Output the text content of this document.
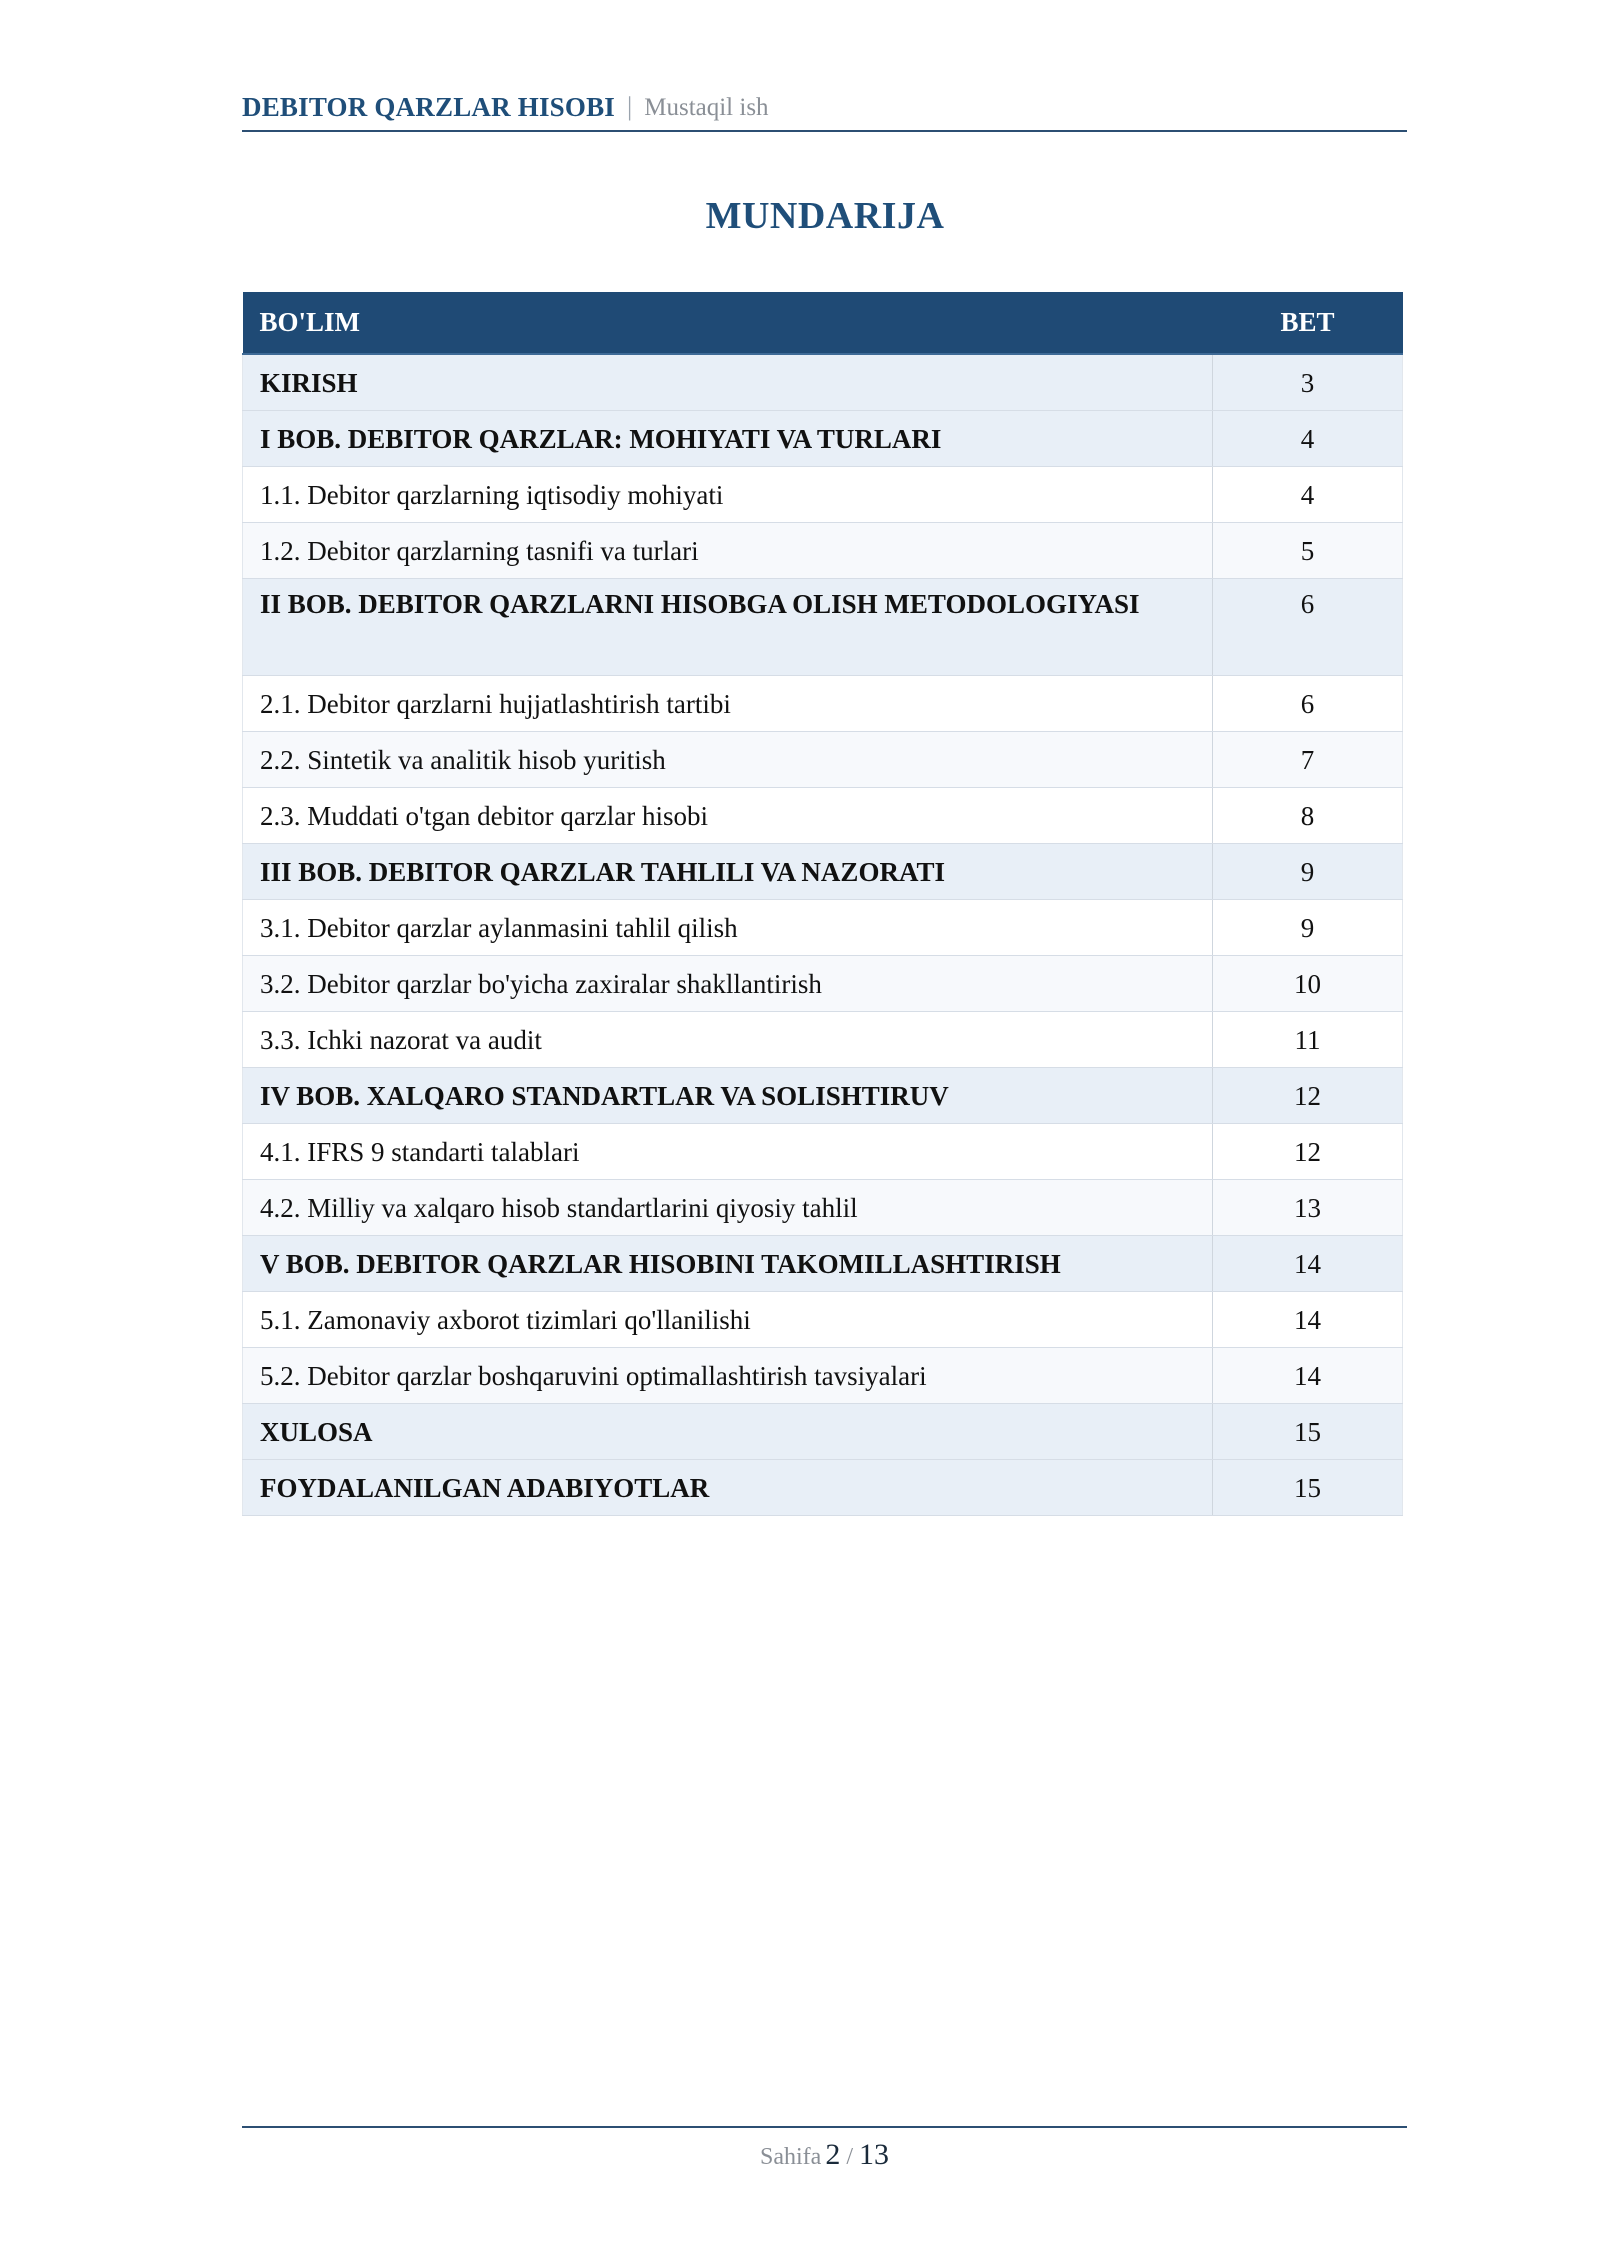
DEBITOR QARZLAR HISOBI | Mustaqil ish
MUNDARIJA
BO'LIM	BET
KIRISH	3
I BOB. DEBITOR QARZLAR: MOHIYATI VA TURLARI	4
1.1. Debitor qarzlarning iqtisodiy mohiyati	4
1.2. Debitor qarzlarning tasnifi va turlari	5
II BOB. DEBITOR QARZLARNI HISOBGA OLISH METODOLOGIYASI	6
2.1. Debitor qarzlarni hujjatlashtirish tartibi	6
2.2. Sintetik va analitik hisob yuritish	7
2.3. Muddati o'tgan debitor qarzlar hisobi	8
III BOB. DEBITOR QARZLAR TAHLILI VA NAZORATI	9
3.1. Debitor qarzlar aylanmasini tahlil qilish	9
3.2. Debitor qarzlar bo'yicha zaxiralar shakllantirish	10
3.3. Ichki nazorat va audit	11
IV BOB. XALQARO STANDARTLAR VA SOLISHTIRUV	12
4.1. IFRS 9 standarti talablari	12
4.2. Milliy va xalqaro hisob standartlarini qiyosiy tahlil	13
V BOB. DEBITOR QARZLAR HISOBINI TAKOMILLASHTIRISH	14
5.1. Zamonaviy axborot tizimlari qo'llanilishi	14
5.2. Debitor qarzlar boshqaruvini optimallashtirish tavsiyalari	14
XULOSA	15
FOYDALANILGAN ADABIYOTLAR	15
Sahifa 2 / 13
